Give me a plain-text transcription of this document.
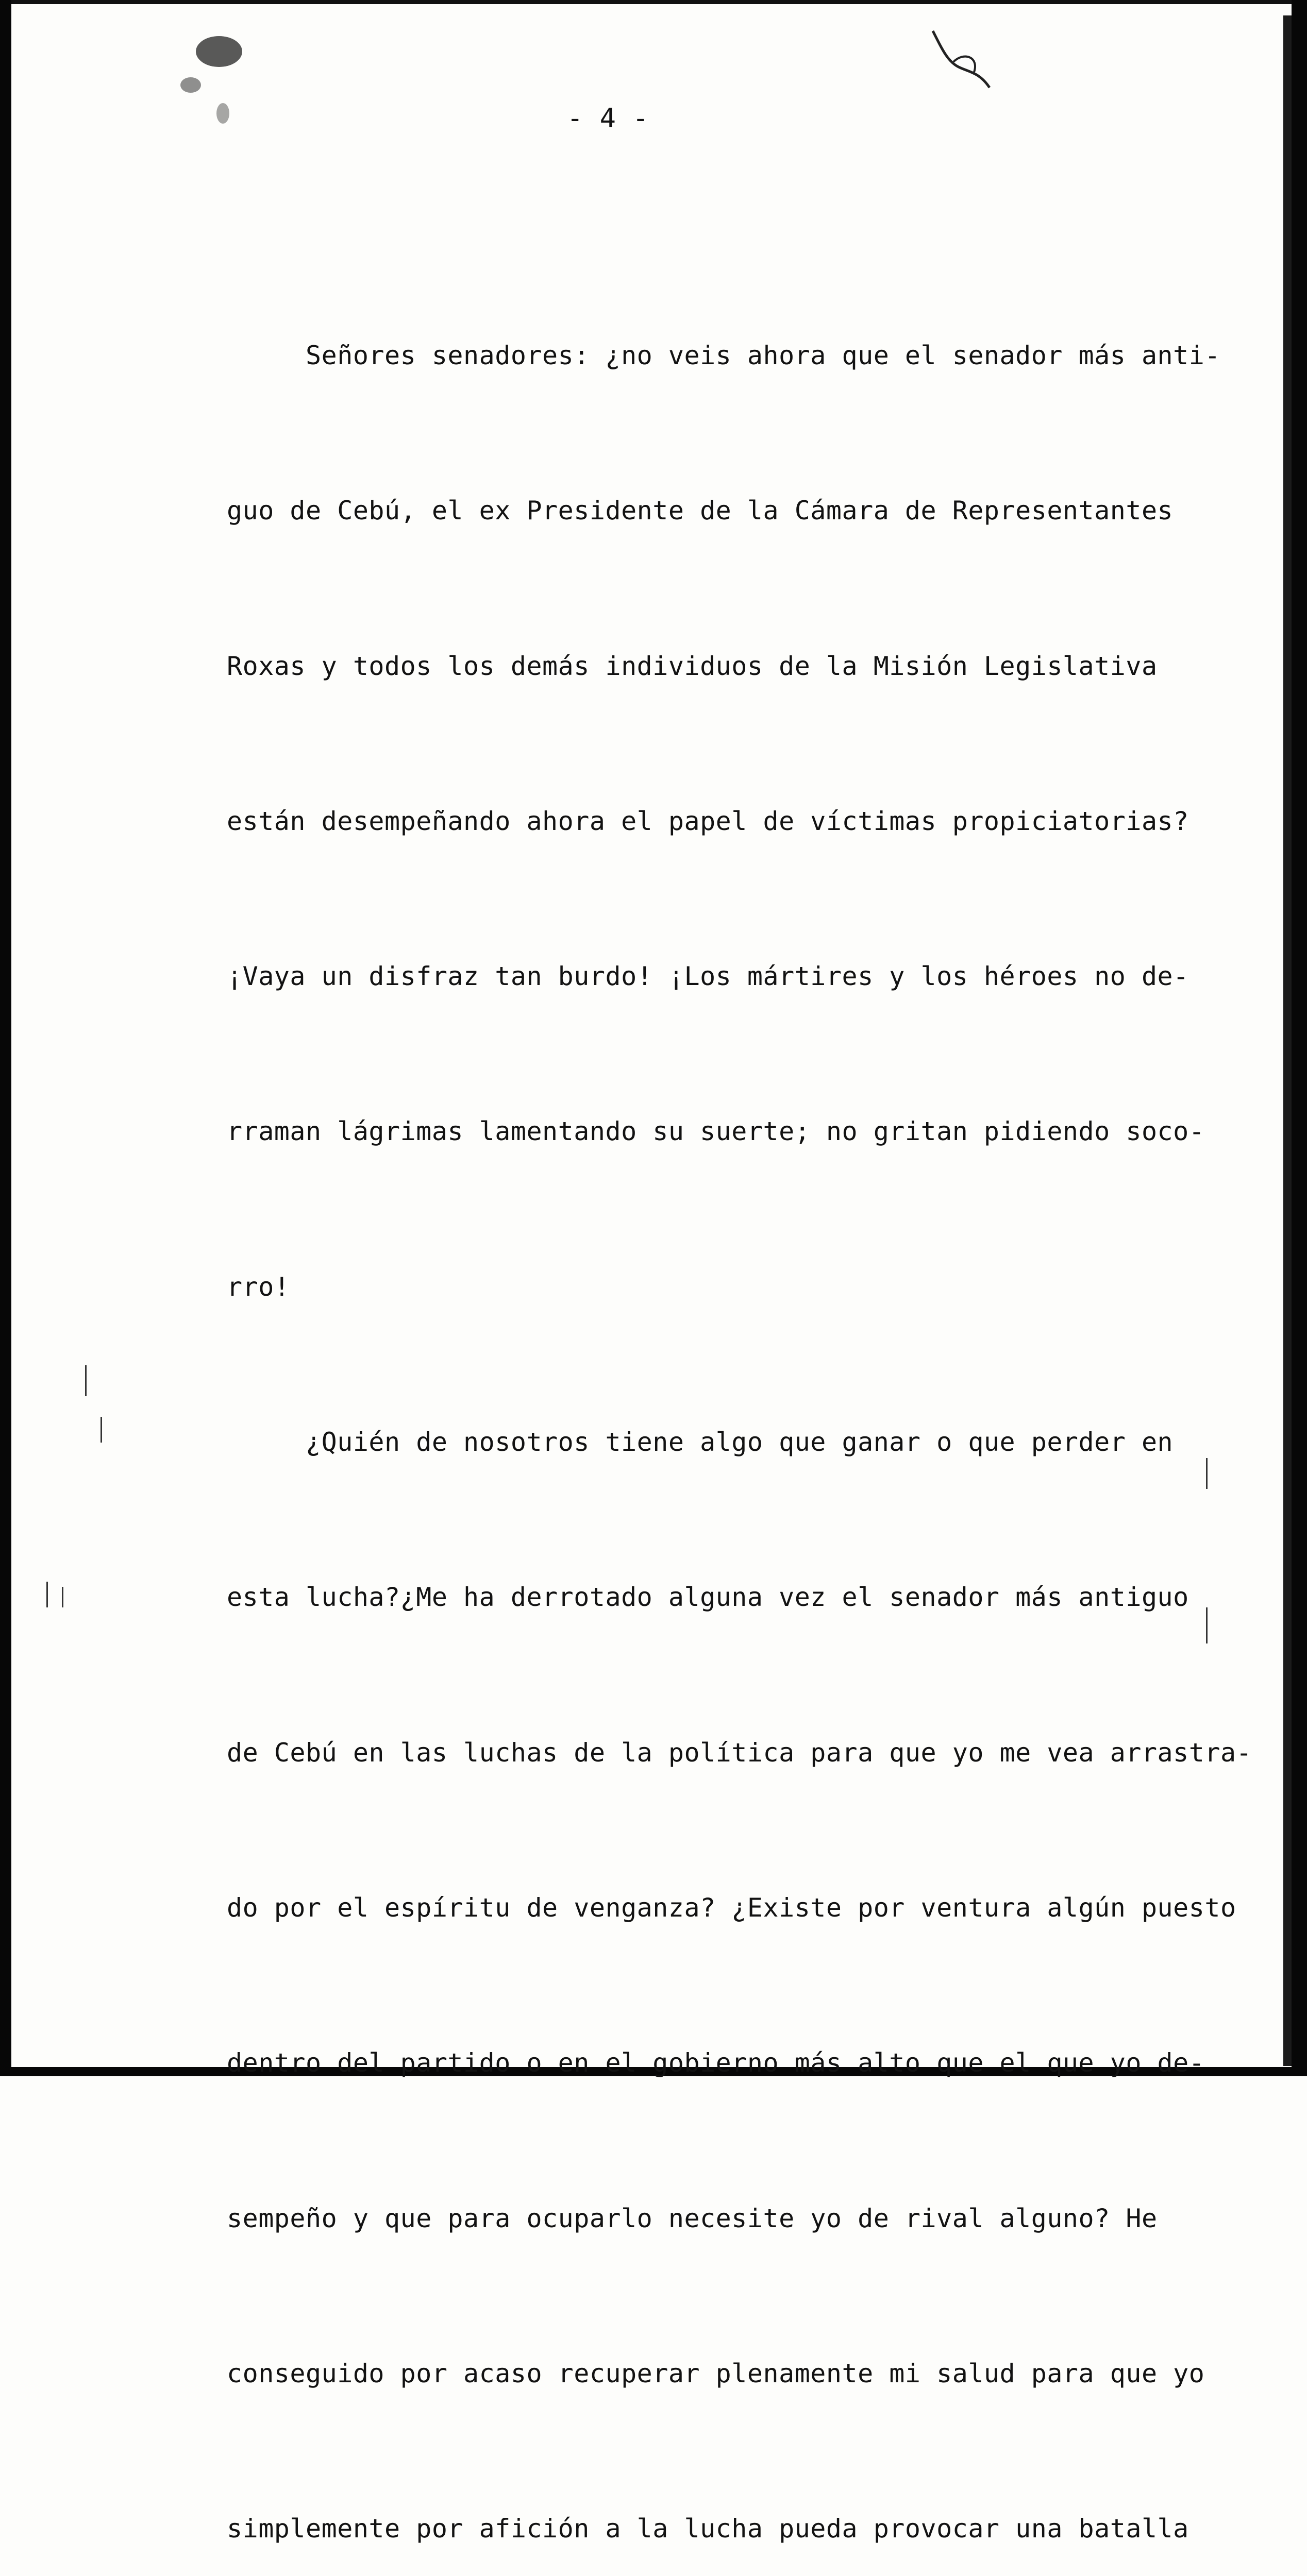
- 4 -

Señores senadores: ¿no veis ahora que el senador más anti-

guo de Cebú, el ex Presidente de la Cámara de Representantes

Roxas y todos los demás individuos de la Misión Legislativa

están desempeñando ahora el papel de víctimas propiciatorias?

¡Vaya un disfraz tan burdo! ¡Los mártires y los héroes no de-

rraman lágrimas lamentando su suerte; no gritan pidiendo soco-

rro!

¿Quién de nosotros tiene algo que ganar o que perder en

esta lucha?¿Me ha derrotado alguna vez el senador más antiguo

de Cebú en las luchas de la política para que yo me vea arrastra-

do por el espíritu de venganza? ¿Existe por ventura algún puesto

dentro del partido o en el gobierno más alto que el que yo de-

sempeño y que para ocuparlo necesite yo de rival alguno? He

conseguido por acaso recuperar plenamente mi salud para que yo

simplemente por afición a la lucha pueda provocar una batalla
